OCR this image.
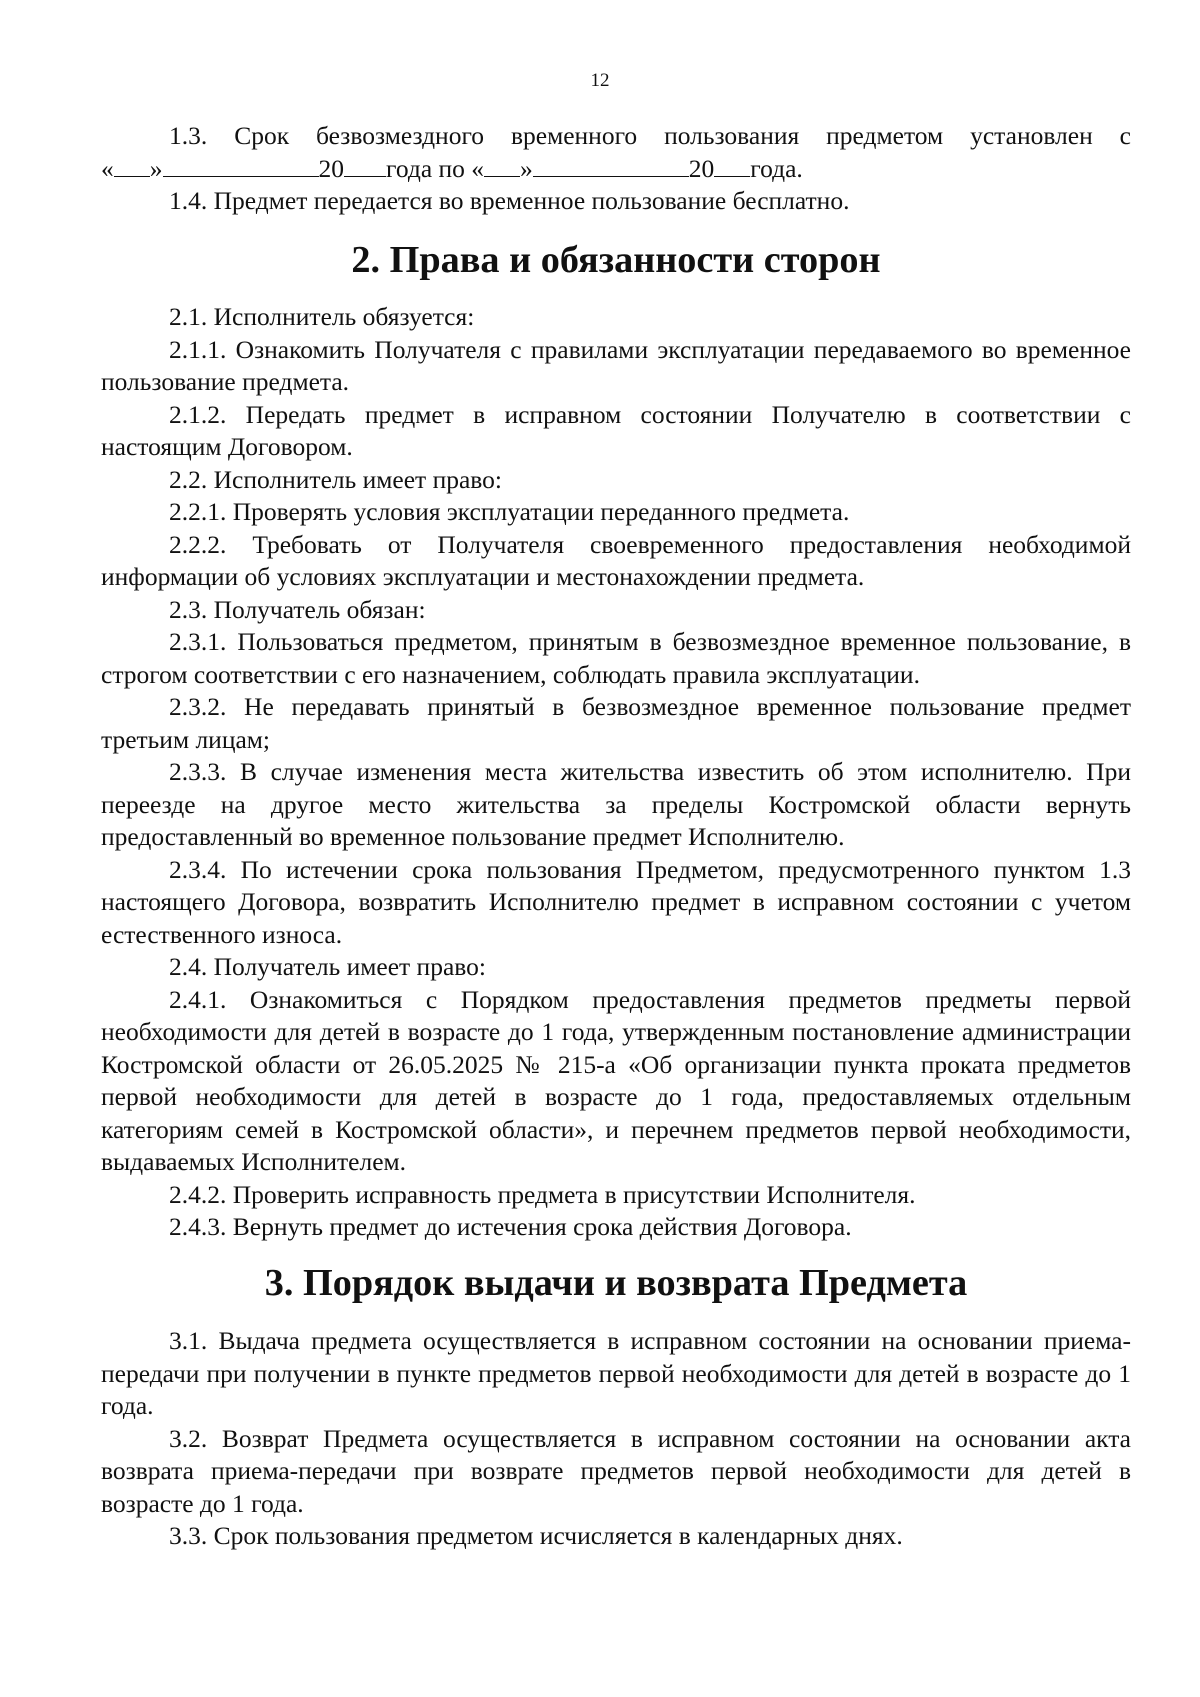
12

1.3. Срок безвозмездного временного пользования предметом установлен с

« »	20 года по « »	20 года.

1.4. Предмет передается во временное пользование бесплатно.

2. Права и обязанности сторон

2.1. Исполнитель обязуется:

2.1.1. Ознакомить Получателя с правилами эксплуатации передаваемого во временное пользование предмета.

2.1.2. Передать предмет в исправном состоянии Получателю в соответствии с настоящим Договором.

2.2. Исполнитель имеет право:

2.2.1. Проверять условия эксплуатации переданного предмета.

2.2.2. Требовать от Получателя своевременного предоставления необходимой информации об условиях эксплуатации и местонахождении предмета.

2.3. Получатель обязан:

2.3.1. Пользоваться предметом, принятым в безвозмездное временное пользование, в строгом соответствии с его назначением, соблюдать правила эксплуатации.

2.3.2. Не передавать принятый в безвозмездное временное пользование предмет третьим лицам;

2.3.3. В случае изменения места жительства известить об этом исполнителю. При переезде на другое место жительства за пределы Костромской области вернуть предоставленный во временное пользование предмет Исполнителю.

2.3.4. По истечении срока пользования Предметом, предусмотренного пунктом 1.3 настоящего Договора, возвратить Исполнителю предмет в исправном состоянии с учетом естественного износа.

2.4. Получатель имеет право:

2.4.1. Ознакомиться с Порядком предоставления предметов предметы первой необходимости для детей в возрасте до 1 года, утвержденным постановление администрации Костромской области от 26.05.2025 № 215-а «Об организации пункта проката предметов первой необходимости для детей в возрасте до 1 года, предоставляемых отдельным категориям семей в Костромской области», и перечнем предметов первой необходимости, выдаваемых Исполнителем.

2.4.2. Проверить исправность предмета в присутствии Исполнителя.

2.4.3. Вернуть предмет до истечения срока действия Договора.

3. Порядок выдачи и возврата Предмета

3.1. Выдача предмета осуществляется в исправном состоянии на основании приема-передачи при получении в пункте предметов первой необходимости для детей в возрасте до 1 года.

3.2. Возврат Предмета осуществляется в исправном состоянии на основании акта возврата приема-передачи при возврате предметов первой необходимости для детей в возрасте до 1 года.

3.3. Срок пользования предметом исчисляется в календарных днях.
